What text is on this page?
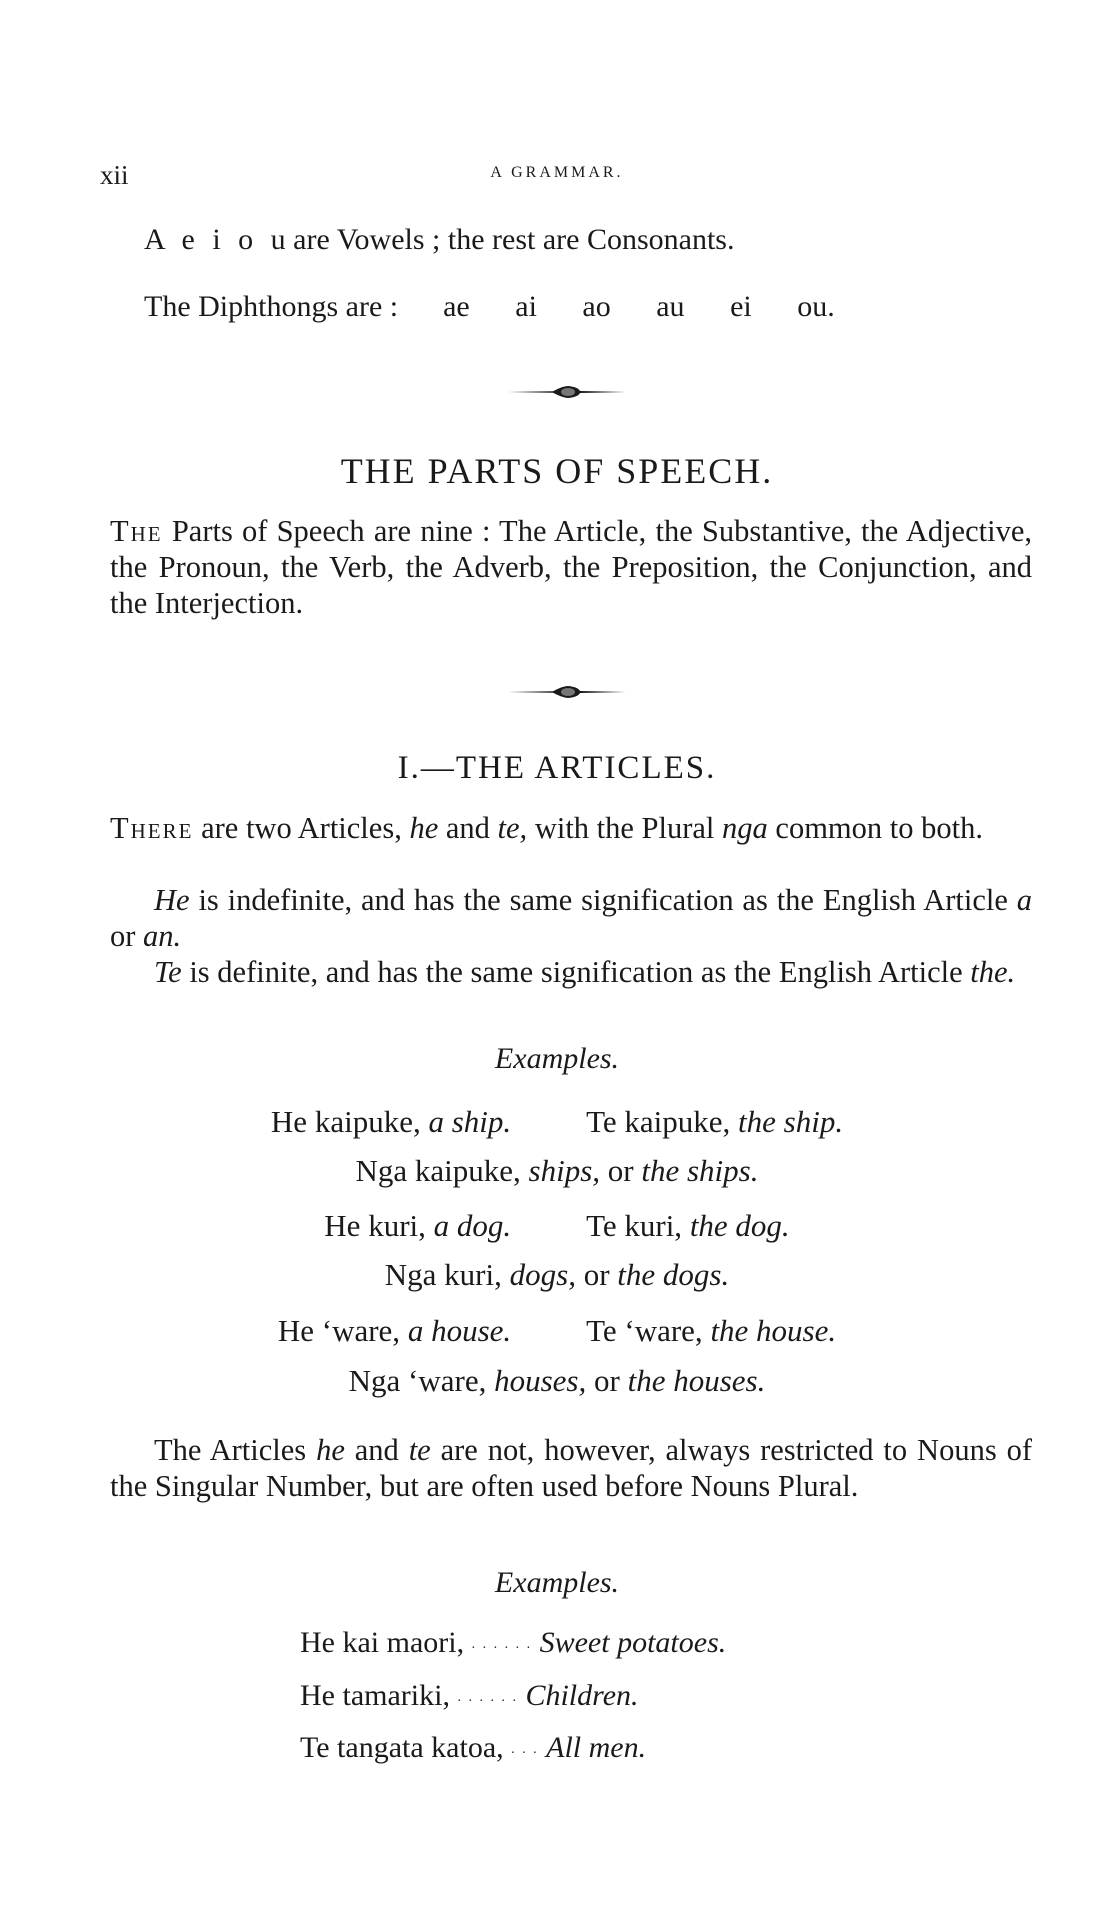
xii	A GRAMMAR.
A e i o u are Vowels ; the rest are Consonants.
The Diphthongs are : ae ai ao au ei ou.
THE PARTS OF SPEECH.

The Parts of Speech are nine : The Article, the Substantive, the Adjective, the Pronoun, the Verb, the Adverb, the Preposition, the Conjunction, and the Interjection.

I.—THE ARTICLES.

There are two Articles, he and te, with the Plural nga common to both.

He is indefinite, and has the same signification as the English Article a or an.

Te is definite, and has the same signification as the English Article the.

Examples.
He kaipuke, a ship. Te kaipuke, the ship.
Nga kaipuke, ships, or the ships.
He kuri, a dog. Te kuri, the dog.
Nga kuri, dogs, or the dogs.
He ‘ware, a house. Te ‘ware, the house.
Nga ‘ware, houses, or the houses.

The Articles he and te are not, however, always restricted to Nouns of the Singular Number, but are often used before Nouns Plural.

Examples.
He kai maori, . . . . . . Sweet potatoes.
He tamariki, . . . . . . Children.
Te tangata katoa, . . . All men.
